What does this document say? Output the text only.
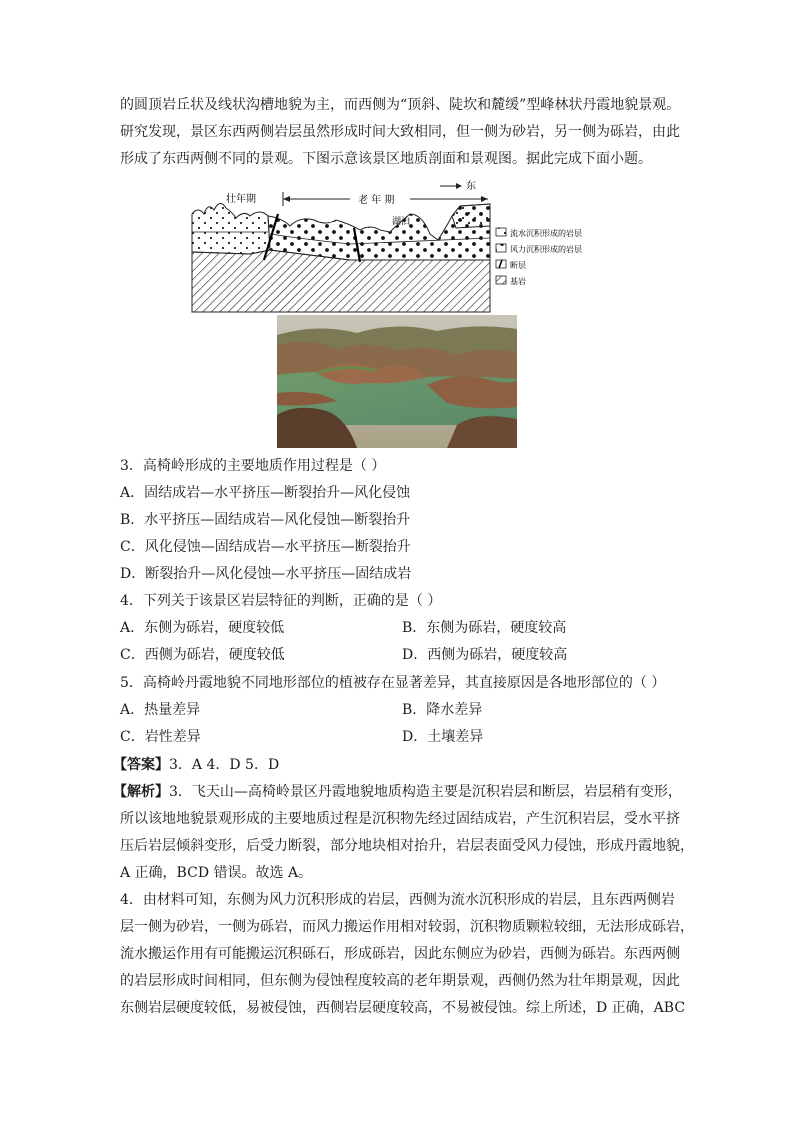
的圆顶岩丘状及线状沟槽地貌为主，而西侧为“顶斜、陡坎和麓缓”型峰林状丹霞地貌景观。
研究发现，景区东西两侧岩层虽然形成时间大致相同，但一侧为砂岩，另一侧为砾岩，由此
形成了东西两侧不同的景观。下图示意该景区地质剖面和景观图。据此完成下面小题。
壮年期	老 年 期
东
湖泊
流水沉积形成的岩层
风力沉积形成的岩层
断层
基岩
3．高椅岭形成的主要地质作用过程是（ ）
A．固结成岩—水平挤压—断裂抬升—风化侵蚀
B．水平挤压—固结成岩—风化侵蚀—断裂抬升
C．风化侵蚀—固结成岩—水平挤压—断裂抬升
D．断裂抬升—风化侵蚀—水平挤压—固结成岩
4．下列关于该景区岩层特征的判断，正确的是（ ）
A．东侧为砾岩，硬度较低	B．东侧为砾岩，硬度较高
C．西侧为砾岩，硬度较低	D．西侧为砾岩，硬度较高
5．高椅岭丹霞地貌不同地形部位的植被存在显著差异，其直接原因是各地形部位的（ ）
A．热量差异	B．降水差异
C．岩性差异	D．土壤差异
【答案】3．A 4．D 5．D
【解析】3．飞天山—高椅岭景区丹霞地貌地质构造主要是沉积岩层和断层，岩层稍有变形，
所以该地地貌景观形成的主要地质过程是沉积物先经过固结成岩，产生沉积岩层，受水平挤
压后岩层倾斜变形，后受力断裂，部分地块相对抬升，岩层表面受风力侵蚀，形成丹霞地貌，
A 正确，BCD 错误。故选 A。
4．由材料可知，东侧为风力沉积形成的岩层，西侧为流水沉积形成的岩层，且东西两侧岩
层一侧为砂岩，一侧为砾岩，而风力搬运作用相对较弱，沉积物质颗粒较细，无法形成砾岩，
流水搬运作用有可能搬运沉积砾石，形成砾岩，因此东侧应为砂岩，西侧为砾岩。东西两侧
的岩层形成时间相同，但东侧为侵蚀程度较高的老年期景观，西侧仍然为壮年期景观，因此
东侧岩层硬度较低，易被侵蚀，西侧岩层硬度较高，不易被侵蚀。综上所述，D 正确，ABC
